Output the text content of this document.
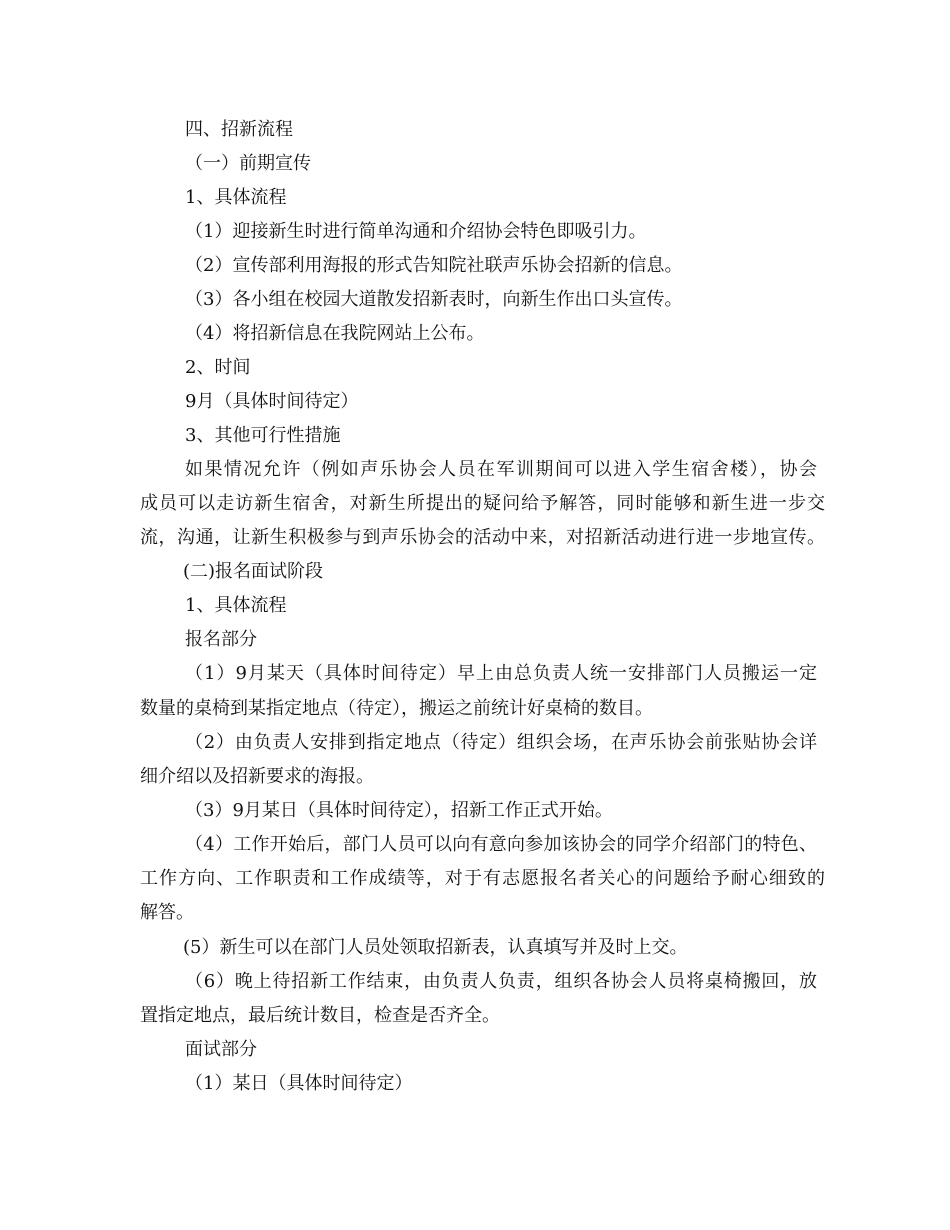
四、招新流程
（一）前期宣传
1、具体流程
（1）迎接新生时进行简单沟通和介绍协会特色即吸引力。
（2）宣传部利用海报的形式告知院社联声乐协会招新的信息。
（3）各小组在校园大道散发招新表时，向新生作出口头宣传。
（4）将招新信息在我院网站上公布。
2、时间
9月（具体时间待定）
3、其他可行性措施
如果情况允许（例如声乐协会人员在军训期间可以进入学生宿舍楼），协会
成员可以走访新生宿舍，对新生所提出的疑问给予解答，同时能够和新生进一步交
流，沟通，让新生积极参与到声乐协会的活动中来，对招新活动进行进一步地宣传。
(二)报名面试阶段
1、具体流程
报名部分
（1）9月某天（具体时间待定）早上由总负责人统一安排部门人员搬运一定
数量的桌椅到某指定地点（待定），搬运之前统计好桌椅的数目。
（2）由负责人安排到指定地点（待定）组织会场，在声乐协会前张贴协会详
细介绍以及招新要求的海报。
（3）9月某日（具体时间待定），招新工作正式开始。
（4）工作开始后，部门人员可以向有意向参加该协会的同学介绍部门的特色、
工作方向、工作职责和工作成绩等，对于有志愿报名者关心的问题给予耐心细致的
解答。
(5）新生可以在部门人员处领取招新表，认真填写并及时上交。
（6）晚上待招新工作结束，由负责人负责，组织各协会人员将桌椅搬回，放
置指定地点，最后统计数目，检查是否齐全。
面试部分
（1）某日（具体时间待定）
